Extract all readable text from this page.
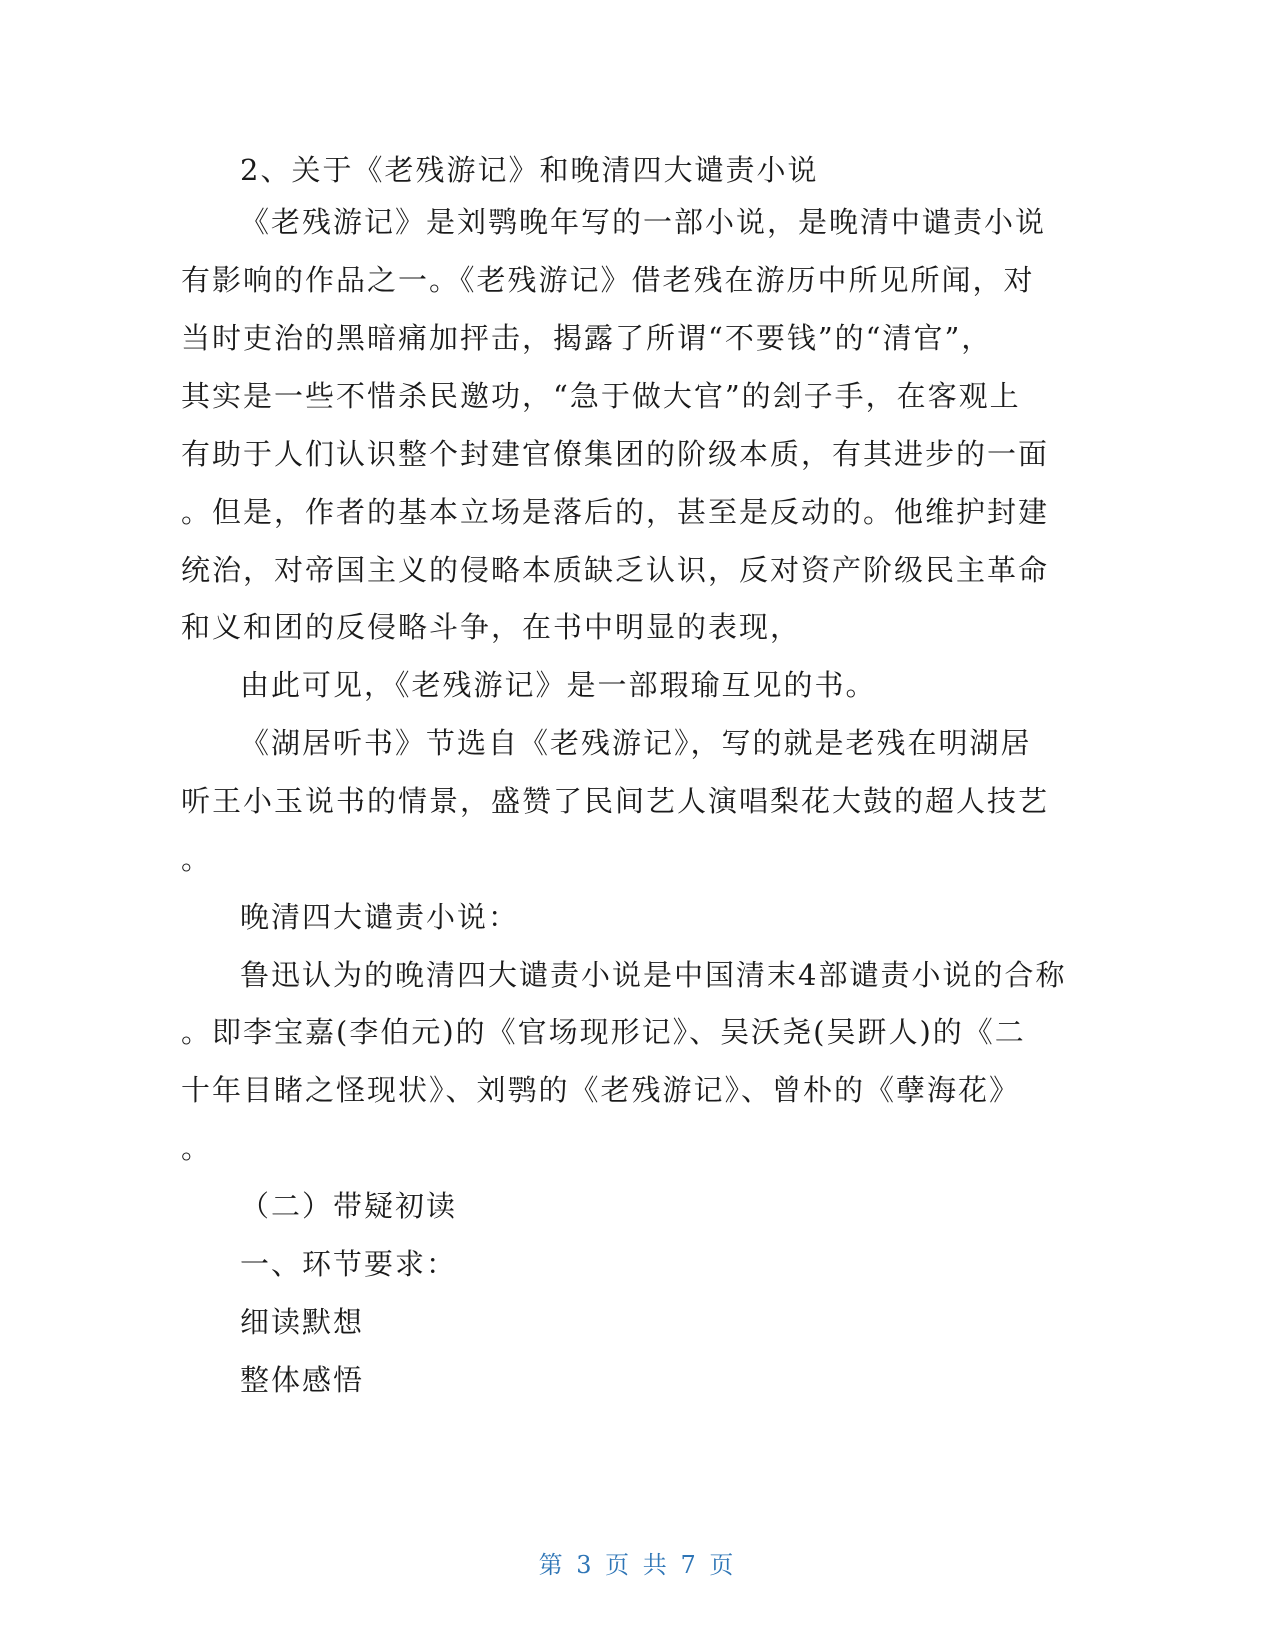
2、关于《老残游记》和晚清四大谴责小说
《老残游记》是刘鹗晚年写的一部小说，是晚清中谴责小说
有影响的作品之一。《老残游记》借老残在游历中所见所闻，对
当时吏治的黑暗痛加抨击，揭露了所谓“不要钱”的“清官”，
其实是一些不惜杀民邀功，“急于做大官”的刽子手，在客观上
有助于人们认识整个封建官僚集团的阶级本质，有其进步的一面
。但是，作者的基本立场是落后的，甚至是反动的。他维护封建
统治，对帝国主义的侵略本质缺乏认识，反对资产阶级民主革命
和义和团的反侵略斗争，在书中明显的表现，
由此可见，《老残游记》是一部瑕瑜互见的书。
《湖居听书》节选自《老残游记》，写的就是老残在明湖居
听王小玉说书的情景，盛赞了民间艺人演唱梨花大鼓的超人技艺
。
晚清四大谴责小说：
鲁迅认为的晚清四大谴责小说是中国清末4部谴责小说的合称
。即李宝嘉(李伯元)的《官场现形记》、吴沃尧(吴趼人)的《二
十年目睹之怪现状》、刘鹗的《老残游记》、曾朴的《孽海花》
。
（二）带疑初读
一、环节要求：
细读默想
整体感悟
第 3 页 共 7 页
